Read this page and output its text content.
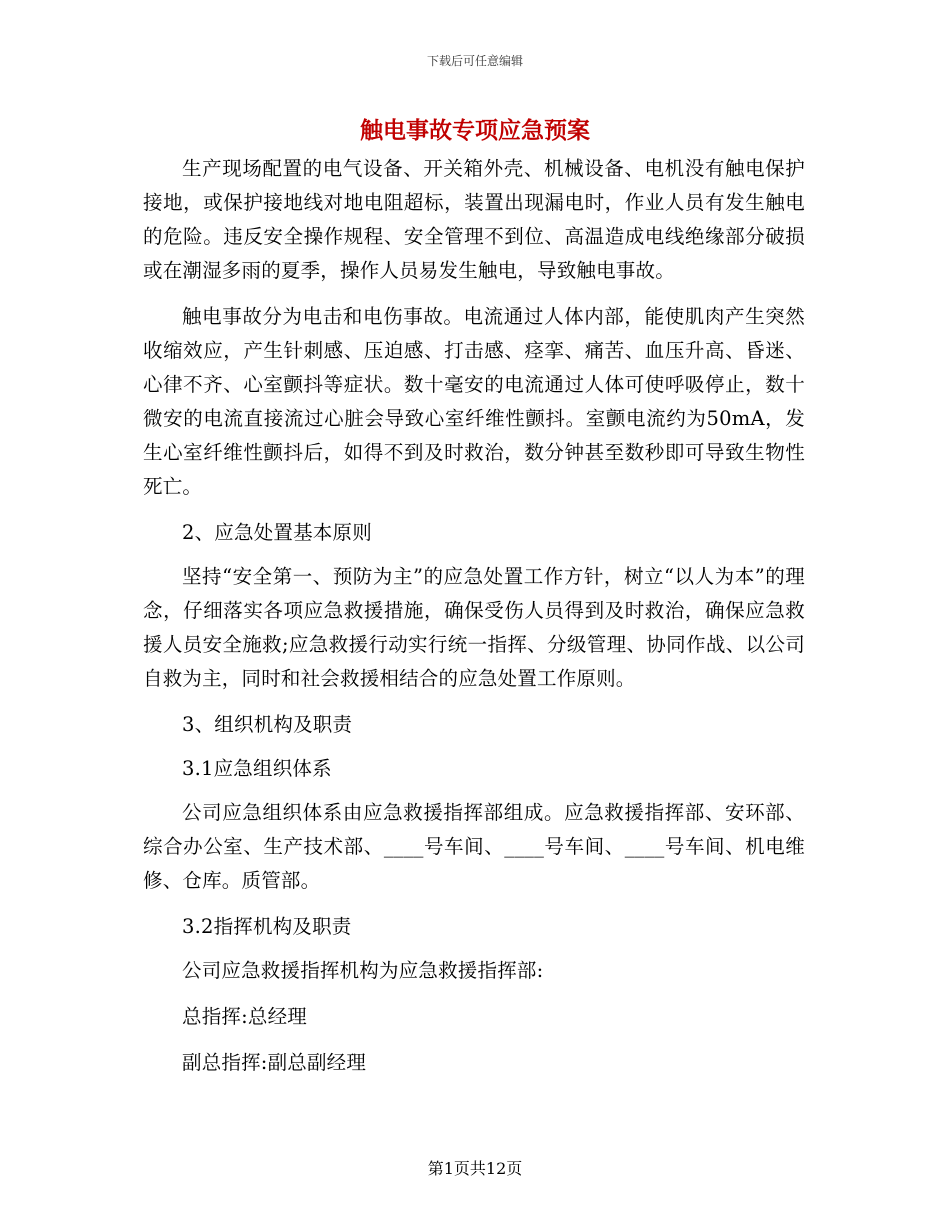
下载后可任意编辑
触电事故专项应急预案

生产现场配置的电气设备、开关箱外壳、机械设备、电机没有触电保护接地，或保护接地线对地电阻超标，装置出现漏电时，作业人员有发生触电的危险。违反安全操作规程、安全管理不到位、高温造成电线绝缘部分破损或在潮湿多雨的夏季，操作人员易发生触电，导致触电事故。

触电事故分为电击和电伤事故。电流通过人体内部，能使肌肉产生突然收缩效应，产生针刺感、压迫感、打击感、痉挛、痛苦、血压升高、昏迷、心律不齐、心室颤抖等症状。数十毫安的电流通过人体可使呼吸停止，数十微安的电流直接流过心脏会导致心室纤维性颤抖。室颤电流约为50mA，发生心室纤维性颤抖后，如得不到及时救治，数分钟甚至数秒即可导致生物性死亡。

2、应急处置基本原则

坚持“安全第一、预防为主”的应急处置工作方针，树立“以人为本”的理念，仔细落实各项应急救援措施，确保受伤人员得到及时救治，确保应急救援人员安全施救;应急救援行动实行统一指挥、分级管理、协同作战、以公司自救为主，同时和社会救援相结合的应急处置工作原则。

3、组织机构及职责

3.1应急组织体系

公司应急组织体系由应急救援指挥部组成。应急救援指挥部、安环部、综合办公室、生产技术部、____号车间、____号车间、____号车间、机电维修、仓库。质管部。

3.2指挥机构及职责

公司应急救援指挥机构为应急救援指挥部:

总指挥:总经理

副总指挥:副总副经理

第1页共12页
